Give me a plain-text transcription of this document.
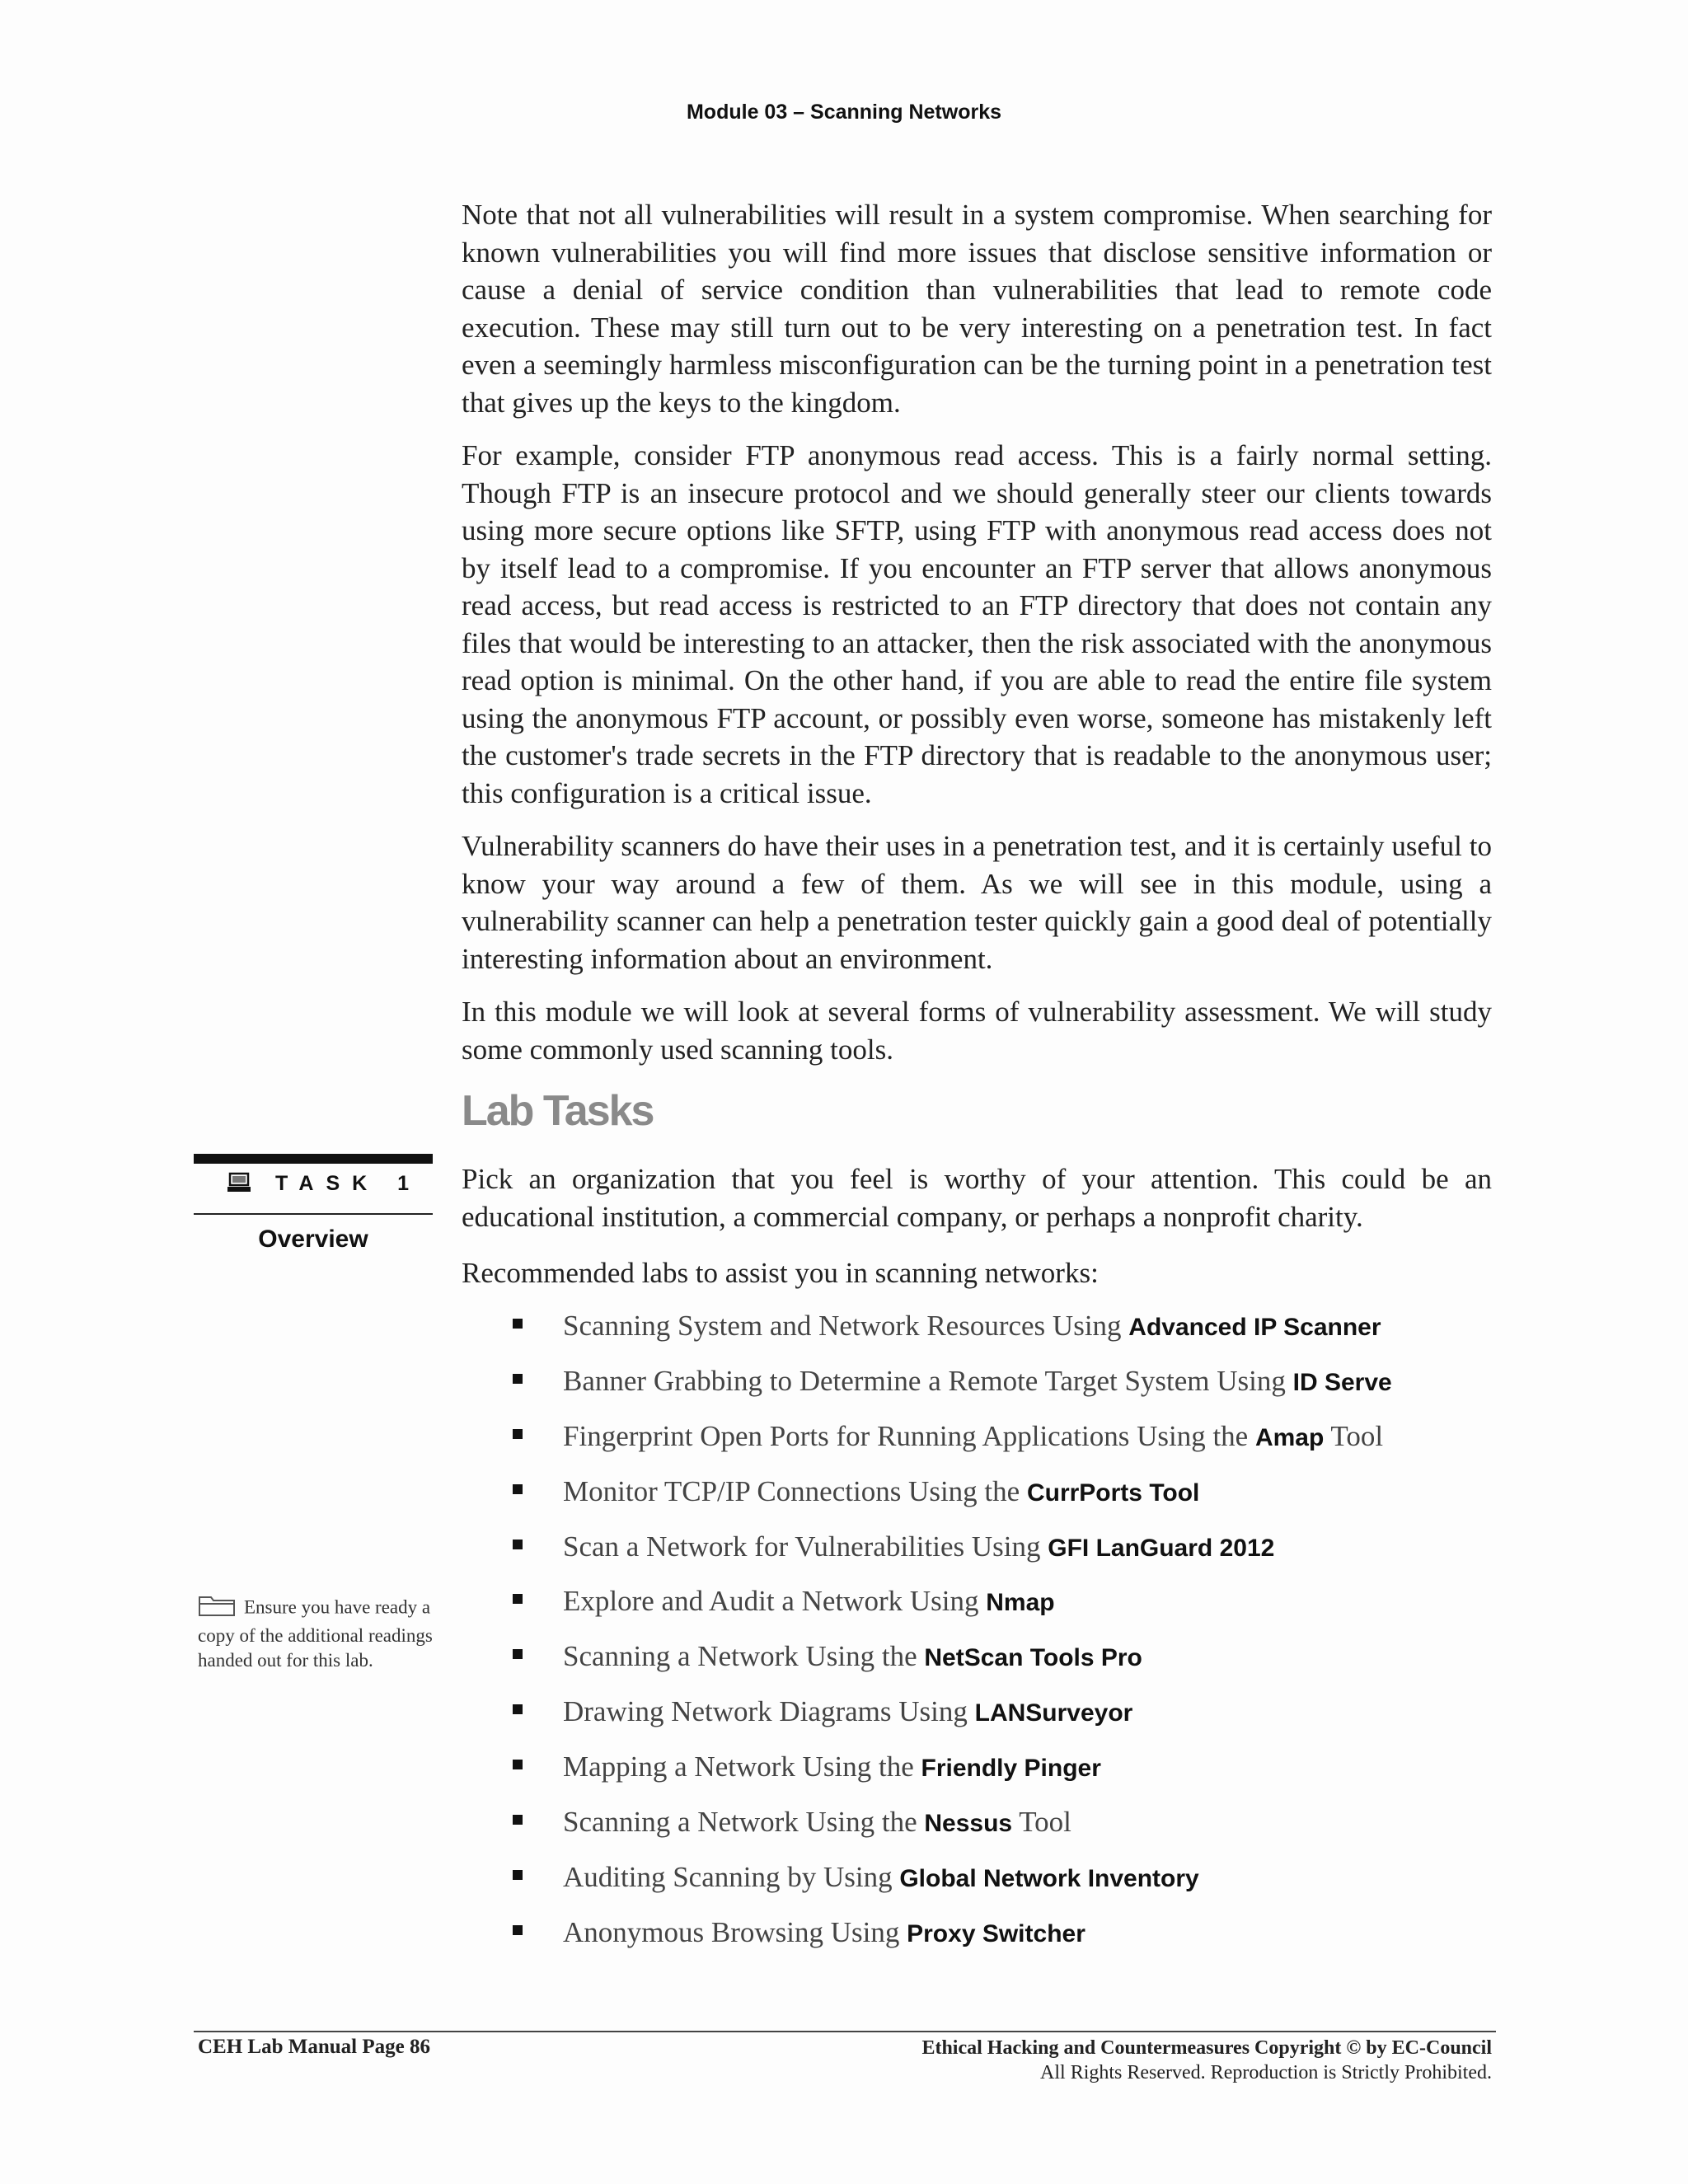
Module 03 – Scanning Networks

Note that not all vulnerabilities will result in a system compromise. When searching for known vulnerabilities you will find more issues that disclose sensitive information or cause a denial of service condition than vulnerabilities that lead to remote code execution. These may still turn out to be very interesting on a penetration test. In fact even a seemingly harmless misconfiguration can be the turning point in a penetration test that gives up the keys to the kingdom.

For example, consider FTP anonymous read access. This is a fairly normal setting. Though FTP is an insecure protocol and we should generally steer our clients towards using more secure options like SFTP, using FTP with anonymous read access does not by itself lead to a compromise. If you encounter an FTP server that allows anonymous read access, but read access is restricted to an FTP directory that does not contain any files that would be interesting to an attacker, then the risk associated with the anonymous read option is minimal. On the other hand, if you are able to read the entire file system using the anonymous FTP account, or possibly even worse, someone has mistakenly left the customer's trade secrets in the FTP directory that is readable to the anonymous user; this configuration is a critical issue.

Vulnerability scanners do have their uses in a penetration test, and it is certainly useful to know your way around a few of them. As we will see in this module, using a vulnerability scanner can help a penetration tester quickly gain a good deal of potentially interesting information about an environment.

In this module we will look at several forms of vulnerability assessment. We will study some commonly used scanning tools.

Lab Tasks
TASK 1
Overview

Pick an organization that you feel is worthy of your attention. This could be an educational institution, a commercial company, or perhaps a nonprofit charity.

Recommended labs to assist you in scanning networks:

Ensure you have ready a copy of the additional readings handed out for this lab.
Scanning System and Network Resources Using Advanced IP Scanner
Banner Grabbing to Determine a Remote Target System Using ID Serve
Fingerprint Open Ports for Running Applications Using the Amap Tool
Monitor TCP/IP Connections Using the CurrPorts Tool
Scan a Network for Vulnerabilities Using GFI LanGuard 2012
Explore and Audit a Network Using Nmap
Scanning a Network Using the NetScan Tools Pro
Drawing Network Diagrams Using LANSurveyor
Mapping a Network Using the Friendly Pinger
Scanning a Network Using the Nessus Tool
Auditing Scanning by Using Global Network Inventory
Anonymous Browsing Using Proxy Switcher
CEH Lab Manual Page 86	Ethical Hacking and Countermeasures Copyright © by EC-Council
All Rights Reserved. Reproduction is Strictly Prohibited.
